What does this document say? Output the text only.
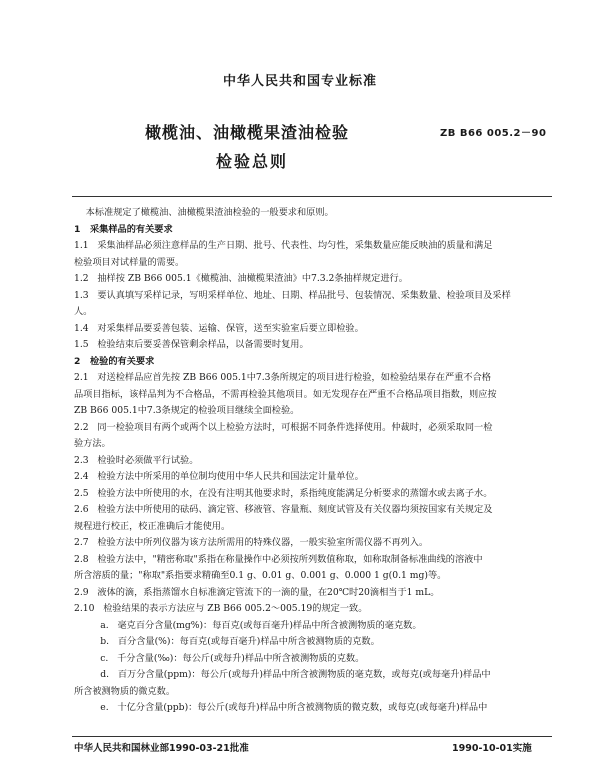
中华人民共和国专业标准
橄榄油、油橄榄果渣油检验
检验总则
ZB B66 005.2－90

本标准规定了橄榄油、油橄榄果渣油检验的一般要求和原则。

1   采集样品的有关要求

1.1   采集油样品必须注意样品的生产日期、批号、代表性、均匀性，采集数量应能反映油的质量和满足

检验项目对试样量的需要。

1.2   抽样按 ZB B66 005.1《橄榄油、油橄榄果渣油》中7.3.2条抽样规定进行。

1.3   要认真填写采样记录，写明采样单位、地址、日期、样品批号、包装情况、采集数量、检验项目及采样

人。

1.4   对采集样品要妥善包装、运输、保管，送至实验室后要立即检验。

1.5   检验结束后要妥善保管剩余样品，以备需要时复用。

2   检验的有关要求

2.1   对送检样品应首先按 ZB B66 005.1中7.3条所规定的项目进行检验，如检验结果存在严重不合格

品项目指标，该样品判为不合格品，不需再检验其他项目。如无发现存在严重不合格品项目指数，则应按

ZB B66 005.1中7.3条规定的检验项目继续全面检验。

2.2   同一检验项目有两个或两个以上检验方法时，可根据不同条件选择使用。仲裁时，必须采取同一检

验方法。

2.3   检验时必须做平行试验。

2.4   检验方法中所采用的单位制均使用中华人民共和国法定计量单位。

2.5   检验方法中所使用的水，在没有注明其他要求时，系指纯度能满足分析要求的蒸馏水或去离子水。

2.6   检验方法中所使用的砝码、滴定管、移液管、容量瓶、刻度试管及有关仪器均须按国家有关规定及

规程进行校正，校正准确后才能使用。

2.7   检验方法中所列仪器为该方法所需用的特殊仪器，一般实验室所需仪器不再列入。

2.8   检验方法中，"精密称取"系指在称量操作中必须按所列数值称取，如称取制备标准曲线的溶液中

所含溶质的量；"称取"系指要求精确至0.1 g、0.01 g、0.001 g、0.000 1 g(0.1 mg)等。

2.9   液体的滴，系指蒸馏水自标准滴定管流下的一滴的量，在20℃时20滴相当于1 mL。

2.10   检验结果的表示方法应与 ZB B66 005.2～005.19的规定一致。

a.   毫克百分含量(mg%)：每百克(或每百毫升)样品中所含被测物质的毫克数。

b.   百分含量(%)：每百克(或每百毫升)样品中所含被测物质的克数。

c.   千分含量(‰)：每公斤(或每升)样品中所含被测物质的克数。

d.   百万分含量(ppm)：每公斤(或每升)样品中所含被测物质的毫克数，或每克(或每毫升)样品中

所含被测物质的微克数。

e.   十亿分含量(ppb)：每公斤(或每升)样品中所含被测物质的微克数，或每克(或每毫升)样品中

中华人民共和国林业部1990-03-21批准	1990-10-01实施
